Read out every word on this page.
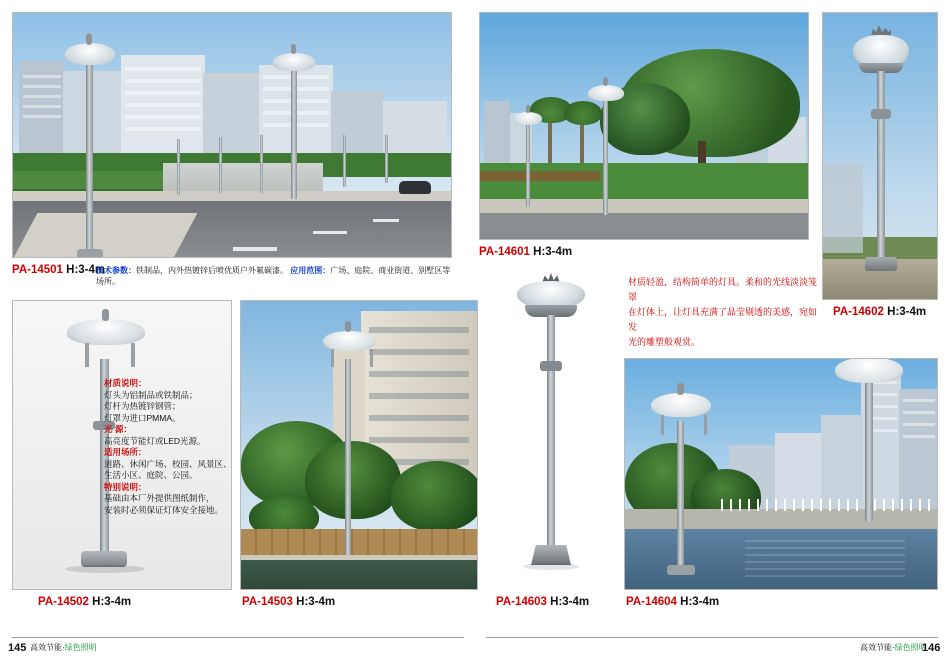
PA-14501 H:3-4m
技术参数：铁制品，内外热镀锌后喷优质户外氟碳漆。 应用范围：广场、庭院、商业街道、别墅区等场所。
PA-14601 H:3-4m
材质轻盈，结构简单的灯具。柔和的光线淡淡笼罩
在灯体上，让灯具充满了晶莹剔透的美感，宛如发
光的雕塑般观赏。
PA-14602 H:3-4m
PA-14502 H:3-4m
材质说明：
灯头为铝制品或铁制品；
灯杆为热镀锌钢管；
灯罩为进口PMMA。
光 源：
高亮度节能灯或LED光源。
适用场所：
道路、休闲广场、校园、风景区、
生活小区、庭院、公园。
特别说明：
基础由本厂外提供图纸制作，
安装时必须保证灯体安全接地。
PA-14503 H:3-4m	PA-14603 H:3-4m	PA-14604 H:3-4m
145 高效节能·绿色照明	高效节能·绿色照明
146
